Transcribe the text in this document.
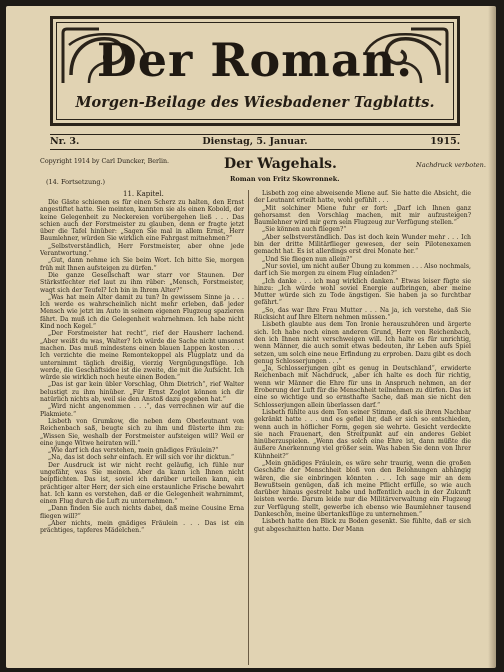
Der Roman.
Morgen-Beilage des Wiesbadener Tagblatts.
Nr. 3.	Dienstag, 5. Januar.	1915.
Copyright 1914 by Carl Duncker, Berlin.	Der Wagehals.
Roman von Fritz Skowronnek.
Nachdruck verboten.
(14. Fortsetzung.)
11. Kapitel.

Die Gäste schienen es für einen Scherz zu halten, den Ernst angestiftet hatte. Sie meinten, kannten sie als einen Kobold, der keine Gelegenheit zu Neckereien vorübergehen ließ . . . Das schien auch der Forstmeister zu glauben, denn er fragte jetzt über die Tafel hinüber: „Sagen Sie mal in allem Ernst, Herr Baumlehner, würden Sie wirklich eine Fahrgast mitnehmen?“

„Selbstverständlich, Herr Forstmeister, aber ohne jede Verantwortung.“

„Gut, dann nehme ich Sie beim Wort. Ich bitte Sie, morgen früh mit Ihnen aufsteigen zu dürfen.“

Die ganze Gesellschaft war starr vor Staunen. Der Stärkstfechter rief laut zu ihm rüber: „Mensch, Forstmeister, wagt sich der Teufel? Ich bin in Ihrem Alter?“

„Was hat mein Alter damit zu tun? In gewissem Sinne ja . . . Ich werde es wahrscheinlich nicht mehr erleben, daß jeder Mensch wie jetzt im Auto in seinem eigenen Flugzeug spazieren fährt. Da muß ich die Gelegenheit wahrnehmen. Ich habe nicht Kind noch Kegel.“

„Der Forstmeister hat recht“, rief der Hausherr lachend. „Aber weißt du was, Walter? Ich würde die Sache nicht umsonst machen. Das muß mindestens einen blauen Lappen kosten . . . Ich verzichte die meine Remontekoppel als Flugplatz und da unternimmt täglich dreißig, vierzig Vergnügungsflüge. Ich werde, die Geschäftsidee ist die zweite, die mit die Aufsicht. Ich würde sie wirklich noch heute einen Boden.“

„Das ist gar kein übler Vorschlag, Ohm Dietrich“, rief Walter belustigt zu ihm hinüber. „Für Ernst Zoglot können ich dir natürlich nichts ab, weil sie den Anstoß dazu gegeben hat.“

„Wird nicht angenommen . . .“, das verrechnen wir auf die Plakmiete.“

Lisbeth von Grumkow, die neben dem Oberleutnant von Reichenbach saß, beugte sich zu ihm und flüsterte ihm zu: „Wissen Sie, weshalb der Forstmeister aufsteigen will? Weil er eine junge Witwe heiraten will.“

„Wie darf ich das verstehen, mein gnädiges Fräulein?“

„Na, das ist doch sehr einfach. Er will sich vor ihr dicktun.“

Der Ausdruck ist wir nicht recht geläufig, ich fühle nur ungefähr, was Sie meinen. Aber da kann ich Ihnen nicht beipflichten. Das ist, soviel ich darüber urteilen kann, ein prächtiger alter Herr, der sich eine erstaunliche Frische bewahrt hat. Ich kann es verstehen, daß er die Gelegenheit wahrnimmt, einen Flug durch die Luft zu unternehmen.“

„Dann finden Sie auch nichts dabei, daß meine Cousine Erna fliegen will?“

„Aber nichts, mein gnädiges Fräulein . . . Das ist ein prächtiges, tapferes Mädelchen.“

Lisbeth zog eine abweisende Miene auf. Sie hatte die Absicht, die der Leutnant erteilt hatte, wohl gefühlt . . .

„Mit solchiner Miene fuhr er fort: „Darf ich Ihnen ganz gehorsamst den Vorschlag machen, mit mir aufzusteigen? Baumlehner wird mir gern sein Flugzeug zur Verfügung stellen.“

„Sie können auch fliegen?“

„Aber selbstverständlich. Das ist doch kein Wunder mehr . . . Ich bin der dritte Militärflieger gewesen, der sein Pilotenexamen gemacht hat. Es ist allerdings erst drei Monate her.“

„Und Sie fliegen nun allein?“

„Nur soviel, um nicht außer Übung zu kommen . . . Also nochmals, darf ich Sie morgen zu einem Flug einladen?“

„Ich danke . . . ich mag wirklich danken.“ Etwas leiser fügte sie hinzu: „Ich würde wohl soviel Energie aufbringen, aber meine Mutter würde sich zu Tode ängstigen. Sie haben ja so furchtbar gefährt.“

„So, das war Ihre Frau Mutter . . . Na ja, ich verstehe, daß Sie Rücksicht auf Ihre Eltern nehmen müssen.“

Lisbeth glaubte aus dem Ton Ironie herauszuhören und ärgerte sich. Ich habe noch einen anderen Grund, Herr von Reichenbach, den ich Ihnen nicht verschweigen will. Ich halte es für unrichtig, wenn Männer, die auch somit etwas bedeuten, ihr Leben aufs Spiel setzen, um solch eine neue Erfindung zu erproben. Dazu gibt es doch genug Schlosserjungen . . .“

„Ja, Schlosserjungen gibt es genug in Deutschland“, erwiderte Reichenbach mit Nachdruck, „aber ich halte es doch für richtig, wenn wir Männer die Ehre für uns in Anspruch nehmen, an der Eroberung der Luft für die Menschheit teilnehmen zu dürfen. Das ist eine so wichtige und so ernsthafte Sache, daß man sie nicht den Schlosserjungen allein überlassen darf.“

Lisbeth fühlte aus dem Ton seiner Stimme, daß sie ihren Nachbar gekränkt hatte . . . und es gefiel ihr, daß er sich so entschieden, wenn auch in höflicher Form, gegen sie wehrte. Gesicht verdeckte sie nach Frauenart, den Streitpunkt auf ein anderes Gebiet hinüberzuspielen. „Wenn das solch eine Ehre ist, dann müßte die äußere Anerkennung viel größer sein. Was haben Sie denn von Ihrer Kühnheit?“

„Mein gnädiges Fräulein, es wäre sehr traurig, wenn die großen Geschäfte der Menschheit bloß von den Belohnungen abhängig wären, die sie einbringen könnten . . . Ich sage mir an dem Bewußtsein genügen, daß ich meine Pflicht erfülle, so wie auch darüber hinaus gestrebt habe und hoffentlich auch in der Zukunft leisten werde. Darum leide nur die Militärverwaltung ein Flugzeug zur Verfügung stellt, gewerbe ich ebenso wie Baumlehner tausend Dankeschön, meine übertanksflüge zu unternehmen.“

Lisbeth hatte den Blick zu Boden gesenkt. Sie fühlte, daß er sich gut abgeschnitten hatte. Der Mann
